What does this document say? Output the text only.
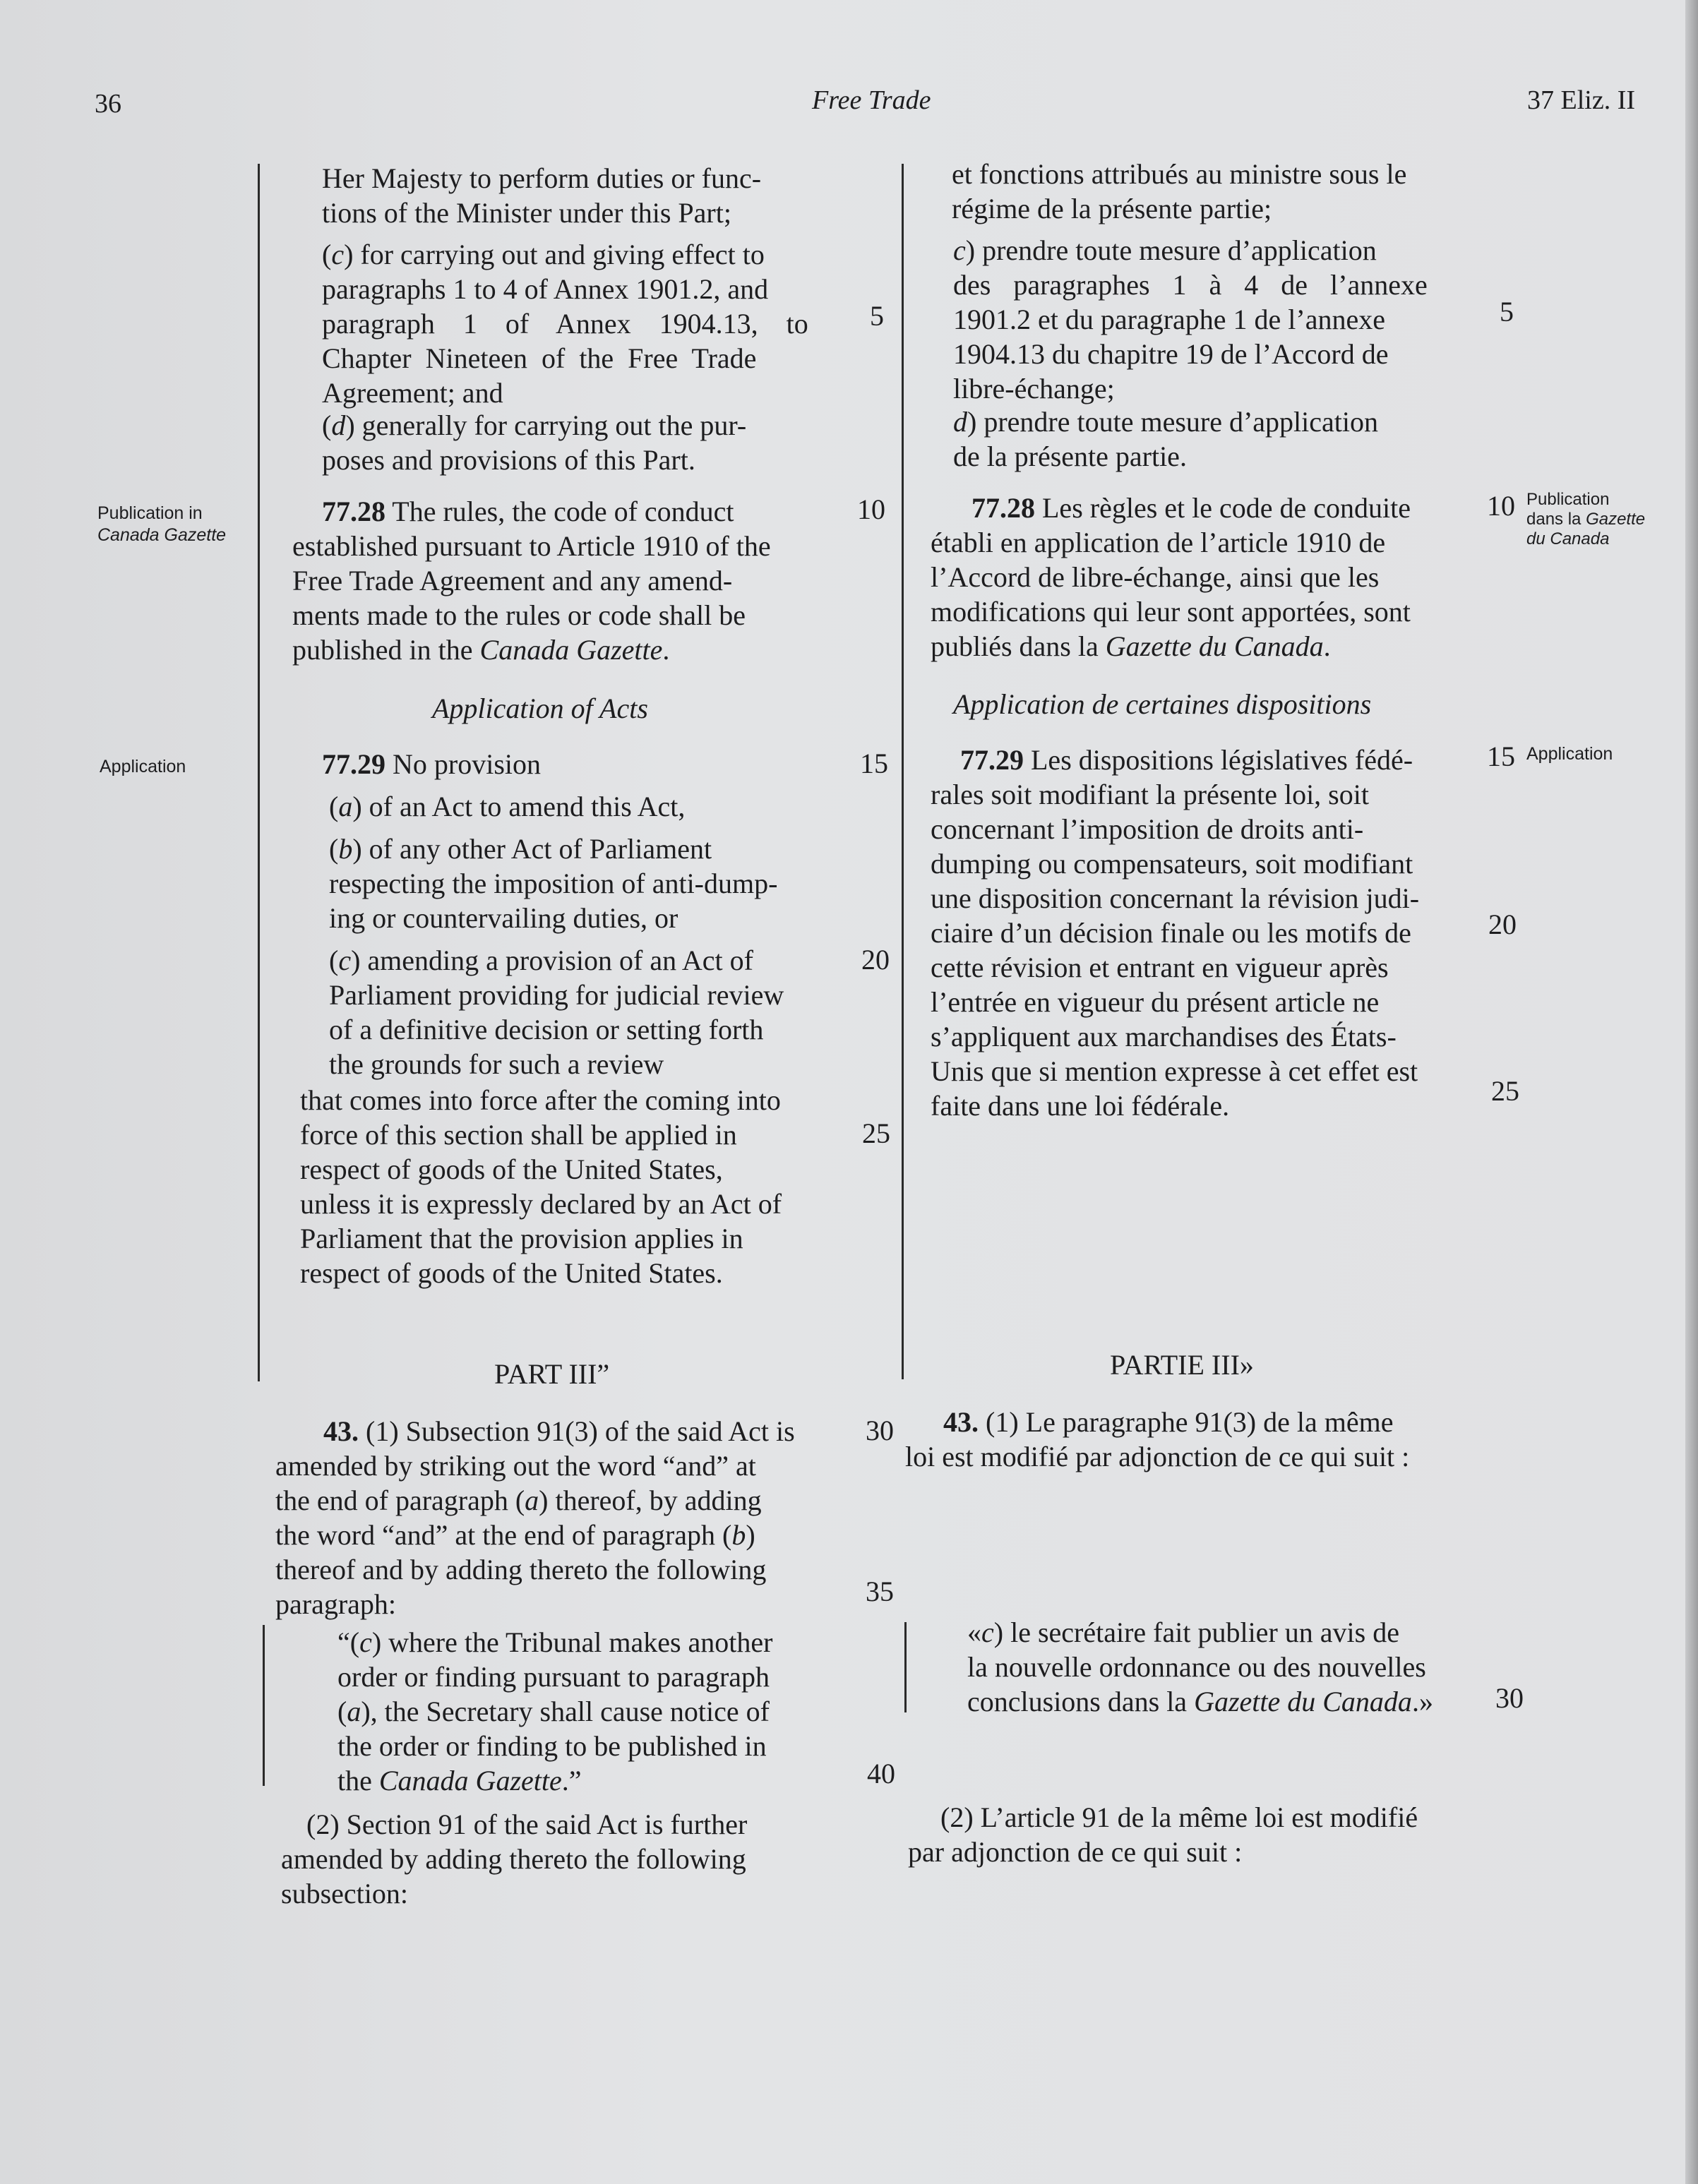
36	Free Trade	37 Eliz. II
Publication in
Canada Gazette
Application
Publication
dans la Gazette
du Canada
Application
Her Majesty to perform duties or func-
tions of the Minister under this Part;
(c) for carrying out and giving effect to
paragraphs 1 to 4 of Annex 1901.2, and
paragraph 1 of Annex 1904.13, to
Chapter Nineteen of the Free Trade
Agreement; and
(d) generally for carrying out the pur-
poses and provisions of this Part.
77.28 The rules, the code of conduct
established pursuant to Article 1910 of the
Free Trade Agreement and any amend-
ments made to the rules or code shall be
published in the Canada Gazette.
Application of Acts
77.29 No provision
(a) of an Act to amend this Act,
(b) of any other Act of Parliament
respecting the imposition of anti-dump-
ing or countervailing duties, or
(c) amending a provision of an Act of
Parliament providing for judicial review
of a definitive decision or setting forth
the grounds for such a review
that comes into force after the coming into
force of this section shall be applied in
respect of goods of the United States,
unless it is expressly declared by an Act of
Parliament that the provision applies in
respect of goods of the United States.
PART III”
43. (1) Subsection 91(3) of the said Act is
amended by striking out the word “and” at
the end of paragraph (a) thereof, by adding
the word “and” at the end of paragraph (b)
thereof and by adding thereto the following
paragraph:
“(c) where the Tribunal makes another
order or finding pursuant to paragraph
(a), the Secretary shall cause notice of
the order or finding to be published in
the Canada Gazette.”
(2) Section 91 of the said Act is further
amended by adding thereto the following
subsection:
5
10
15
20
25
30
35
40
et fonctions attribués au ministre sous le
régime de la présente partie;
c) prendre toute mesure d’application
des paragraphes 1 à 4 de l’annexe
1901.2 et du paragraphe 1 de l’annexe
1904.13 du chapitre 19 de l’Accord de
libre-échange;
d) prendre toute mesure d’application
de la présente partie.
77.28 Les règles et le code de conduite
établi en application de l’article 1910 de
l’Accord de libre-échange, ainsi que les
modifications qui leur sont apportées, sont
publiés dans la Gazette du Canada.
Application de certaines dispositions
77.29 Les dispositions législatives fédé-
rales soit modifiant la présente loi, soit
concernant l’imposition de droits anti-
dumping ou compensateurs, soit modifiant
une disposition concernant la révision judi-
ciaire d’un décision finale ou les motifs de
cette révision et entrant en vigueur après
l’entrée en vigueur du présent article ne
s’appliquent aux marchandises des États-
Unis que si mention expresse à cet effet est
faite dans une loi fédérale.
PARTIE III»
43. (1) Le paragraphe 91(3) de la même
loi est modifié par adjonction de ce qui suit :
«c) le secrétaire fait publier un avis de
la nouvelle ordonnance ou des nouvelles
conclusions dans la Gazette du Canada.»
(2) L’article 91 de la même loi est modifié
par adjonction de ce qui suit :
5
10
15
20
25
30
